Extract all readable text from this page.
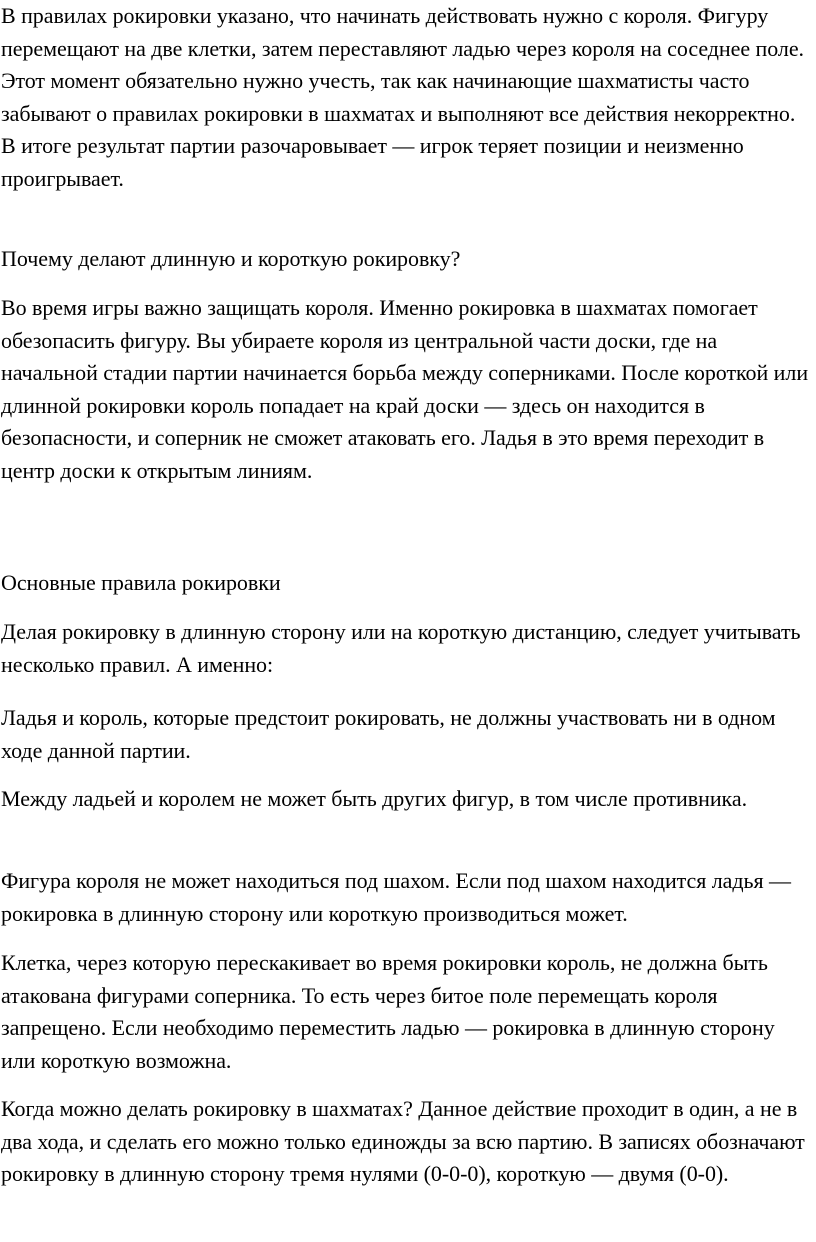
В правилах рокировки указано, что начинать действовать нужно с короля. Фигуру перемещают на две клетки, затем переставляют ладью через короля на соседнее поле. Этот момент обязательно нужно учесть, так как начинающие шахматисты часто забывают о правилах рокировки в шахматах и выполняют все действия некорректно. В итоге результат партии разочаровывает — игрок теряет позиции и неизменно проигрывает.

Почему делают длинную и короткую рокировку?

Во время игры важно защищать короля. Именно рокировка в шахматах помогает обезопасить фигуру. Вы убираете короля из центральной части доски, где на начальной стадии партии начинается борьба между соперниками. После короткой или длинной рокировки король попадает на край доски — здесь он находится в безопасности, и соперник не сможет атаковать его. Ладья в это время переходит в центр доски к открытым линиям.

Основные правила рокировки

Делая рокировку в длинную сторону или на короткую дистанцию, следует учитывать несколько правил. А именно:

Ладья и король, которые предстоит рокировать, не должны участвовать ни в одном ходе данной партии.

Между ладьей и королем не может быть других фигур, в том числе противника.

Фигура короля не может находиться под шахом. Если под шахом находится ладья — рокировка в длинную сторону или короткую производиться может.

Клетка, через которую перескакивает во время рокировки король, не должна быть атакована фигурами соперника. То есть через битое поле перемещать короля запрещено. Если необходимо переместить ладью — рокировка в длинную сторону или короткую возможна.

Когда можно делать рокировку в шахматах? Данное действие проходит в один, а не в два хода, и сделать его можно только единожды за всю партию. В записях обозначают рокировку в длинную сторону тремя нулями (0-0-0), короткую — двумя (0-0).
